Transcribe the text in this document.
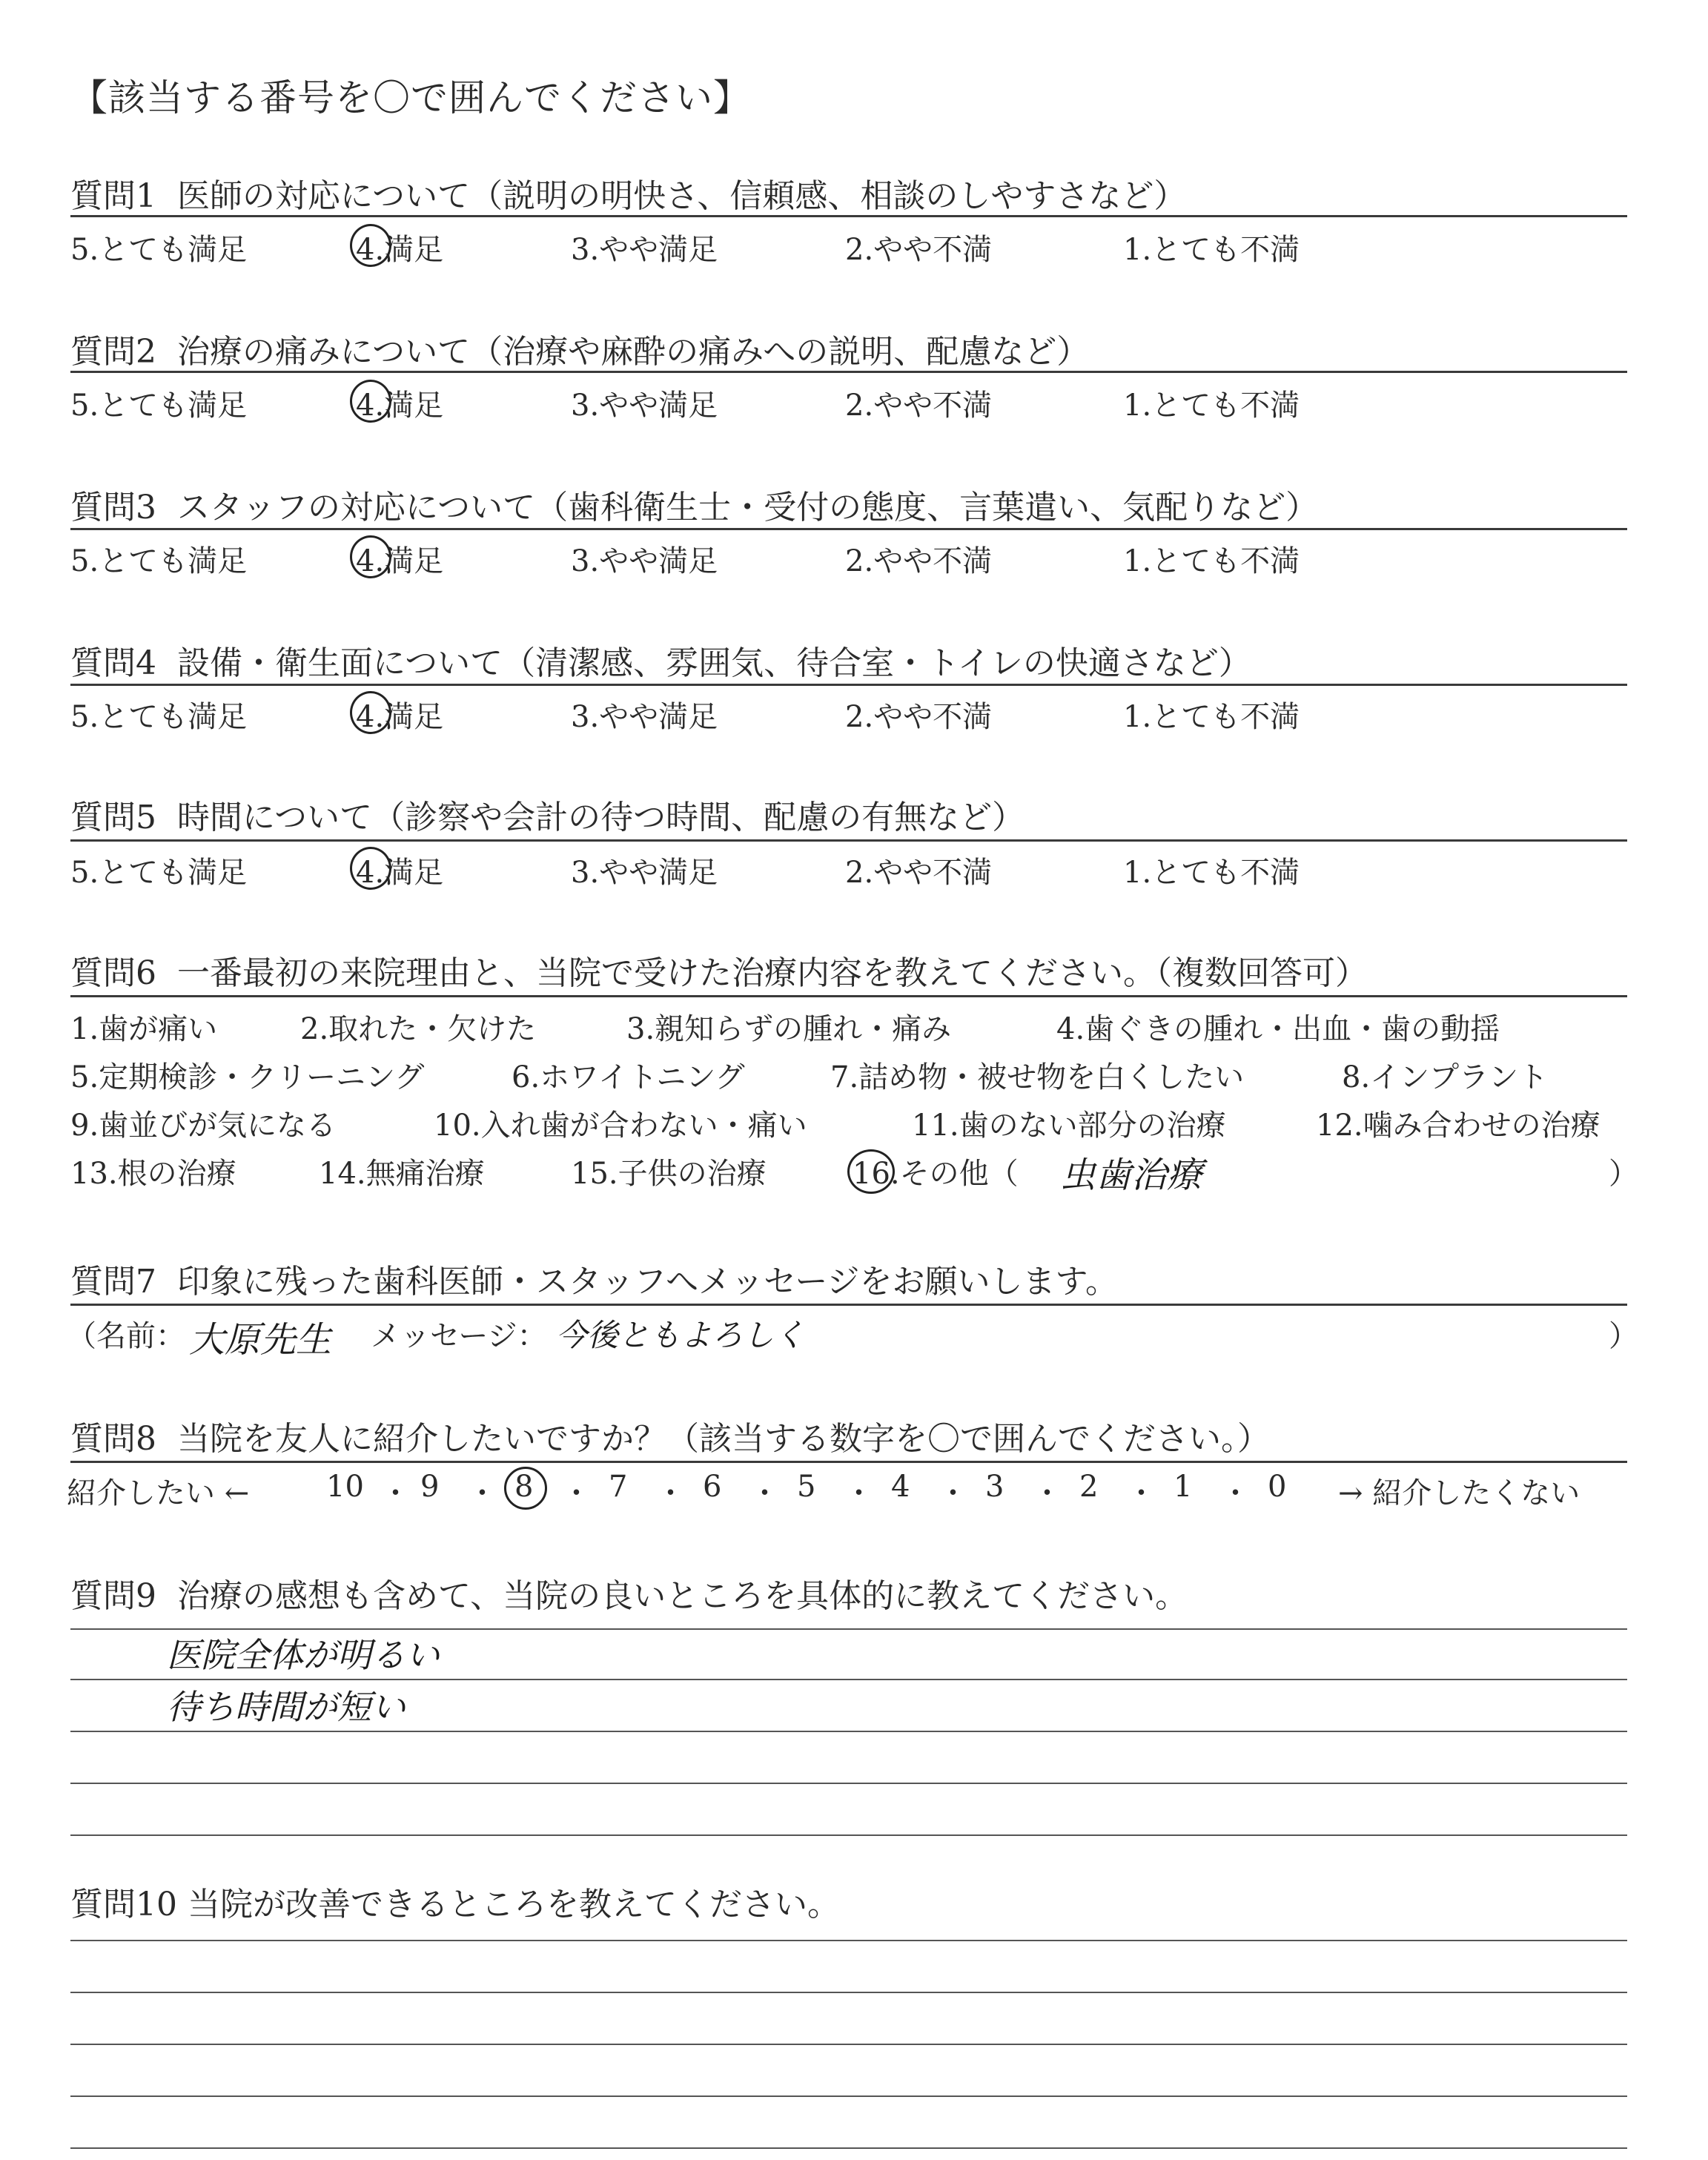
【該当する番号を〇で囲んでください】
質問1 医師の対応について（説明の明快さ、信頼感、相談のしやすさなど）
5.とても満足	4.満足	3.やや満足	2.やや不満	1.とても不満
質問2 治療の痛みについて（治療や麻酔の痛みへの説明、配慮など）
5.とても満足	4.満足	3.やや満足	2.やや不満	1.とても不満
質問3 スタッフの対応について（歯科衛生士・受付の態度、言葉遣い、気配りなど）
5.とても満足	4.満足	3.やや満足	2.やや不満	1.とても不満
質問4 設備・衛生面について（清潔感、雰囲気、待合室・トイレの快適さなど）
5.とても満足	4.満足	3.やや満足	2.やや不満	1.とても不満
質問5 時間について（診察や会計の待つ時間、配慮の有無など）
5.とても満足	4.満足	3.やや満足	2.やや不満	1.とても不満
質問6 一番最初の来院理由と、当院で受けた治療内容を教えてください。（複数回答可）
1.歯が痛い	2.取れた・欠けた	3.親知らずの腫れ・痛み	4.歯ぐきの腫れ・出血・歯の動揺
5.定期検診・クリーニング	6.ホワイトニング	7.詰め物・被せ物を白くしたい	8.インプラント
9.歯並びが気になる	10.入れ歯が合わない・痛い	11.歯のない部分の治療	12.噛み合わせの治療
13.根の治療	14.無痛治療	15.子供の治療	16.その他（ 虫歯治療	）
質問7 印象に残った歯科医師・スタッフへメッセージをお願いします。
（名前： 大原先生 メッセージ： 今後ともよろしく	）
質問8 当院を友人に紹介したいですか？（該当する数字を〇で囲んでください。）
紹介したい ←	→ 紹介したくない
10 ・ 9 ・ 8 ・ 7 ・ 6 ・ 5 ・ 4 ・ 3 ・ 2 ・ 1 ・ 0
質問9 治療の感想も含めて、当院の良いところを具体的に教えてください。
医院全体が明るい
待ち時間が短い
質問10 当院が改善できるところを教えてください。
